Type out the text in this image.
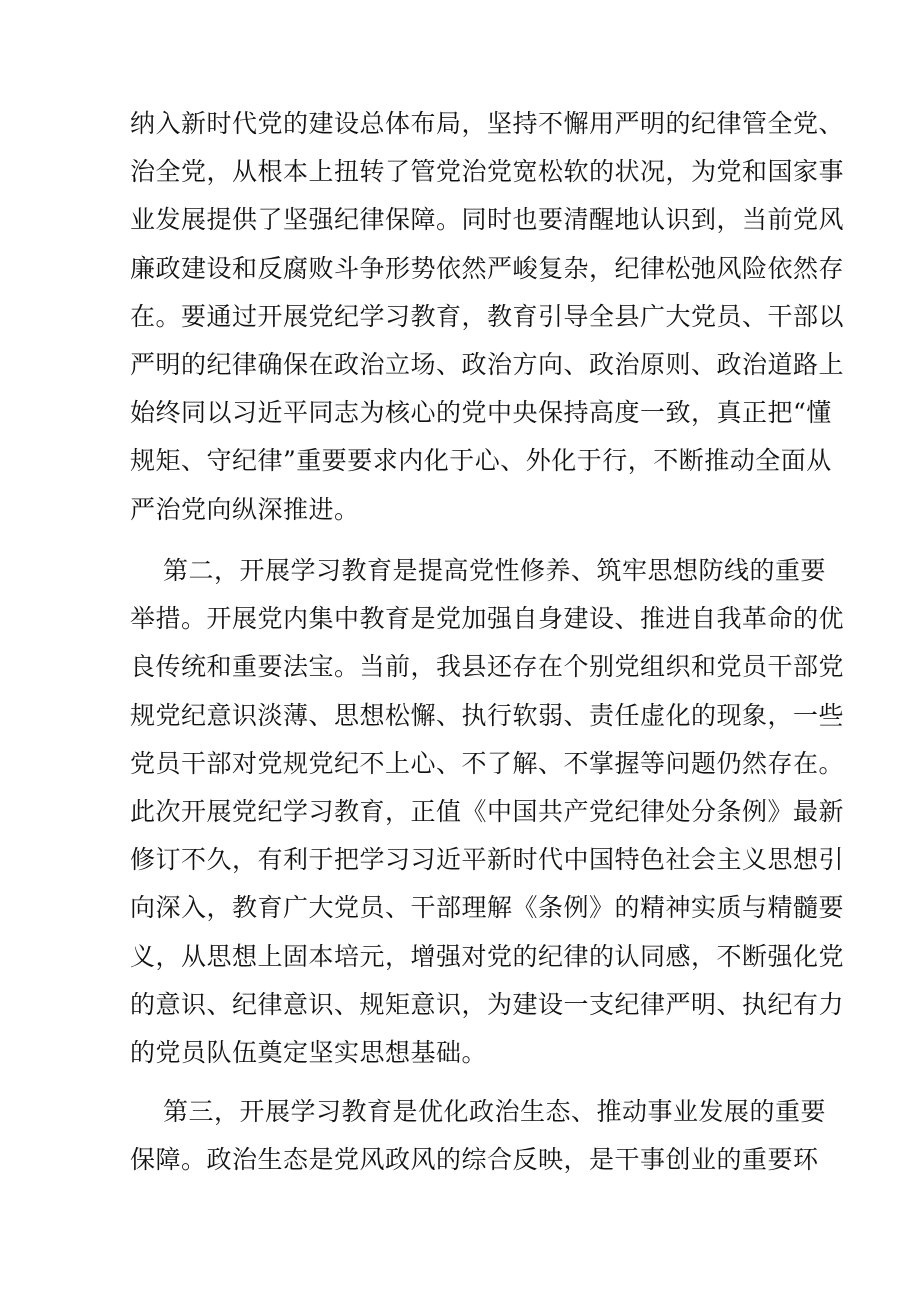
纳入新时代党的建设总体布局，坚持不懈用严明的纪律管全党、
治全党，从根本上扭转了管党治党宽松软的状况，为党和国家事
业发展提供了坚强纪律保障。同时也要清醒地认识到，当前党风
廉政建设和反腐败斗争形势依然严峻复杂，纪律松弛风险依然存
在。要通过开展党纪学习教育，教育引导全县广大党员、干部以
严明的纪律确保在政治立场、政治方向、政治原则、政治道路上
始终同以习近平同志为核心的党中央保持高度一致，真正把“懂
规矩、守纪律”重要要求内化于心、外化于行，不断推动全面从
严治党向纵深推进。
第二，开展学习教育是提高党性修养、筑牢思想防线的重要
举措。开展党内集中教育是党加强自身建设、推进自我革命的优
良传统和重要法宝。当前，我县还存在个别党组织和党员干部党
规党纪意识淡薄、思想松懈、执行软弱、责任虚化的现象，一些
党员干部对党规党纪不上心、不了解、不掌握等问题仍然存在。
此次开展党纪学习教育，正值《中国共产党纪律处分条例》最新
修订不久，有利于把学习习近平新时代中国特色社会主义思想引
向深入，教育广大党员、干部理解《条例》的精神实质与精髓要
义，从思想上固本培元，增强对党的纪律的认同感，不断强化党
的意识、纪律意识、规矩意识，为建设一支纪律严明、执纪有力
的党员队伍奠定坚实思想基础。
第三，开展学习教育是优化政治生态、推动事业发展的重要
保障。政治生态是党风政风的综合反映，是干事创业的重要环
